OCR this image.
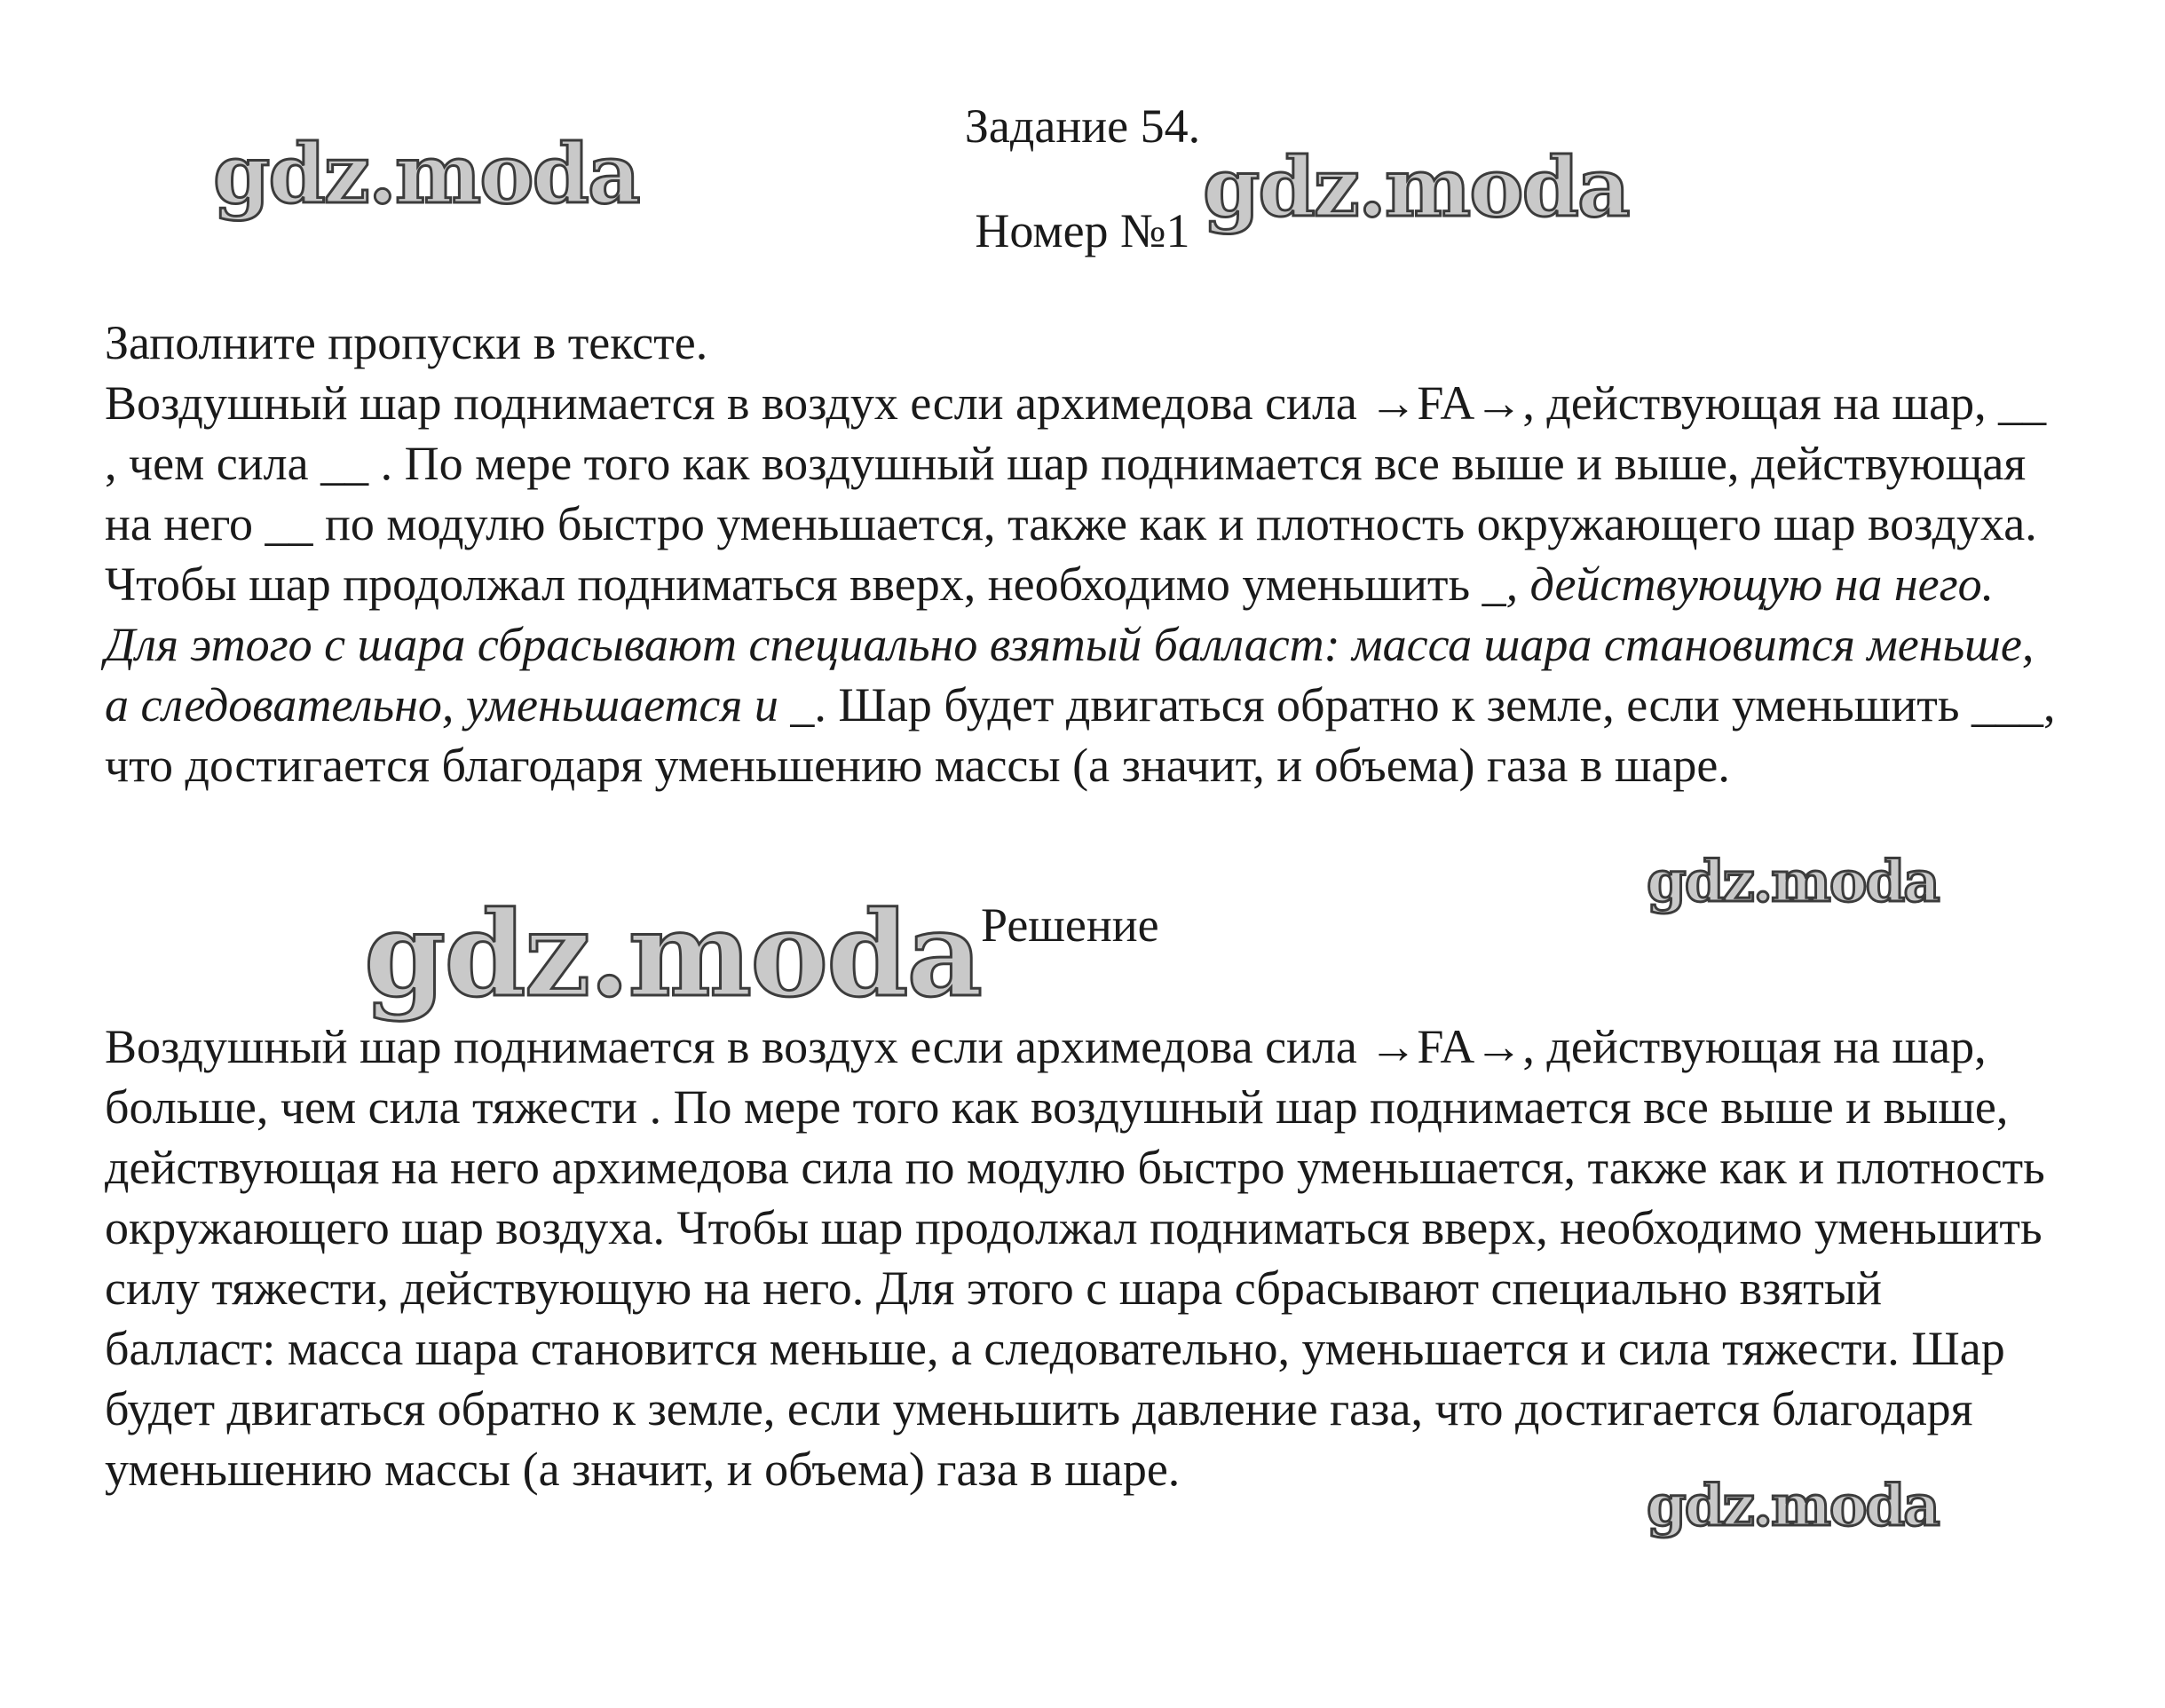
Задание 54.
Номер №1

Заполните пропуски в тексте.
Воздушный шар поднимается в воздух если архимедова сила →FA→, действующая на шар, __ , чем сила __ . По мере того как воздушный шар поднимается все выше и выше, действующая на него __ по модулю быстро уменьшается, также как и плотность окружающего шар воздуха. Чтобы шар продолжал подниматься вверх, необходимо уменьшить _, действующую на него. Для этого с шара сбрасывают специально взятый балласт: масса шара становится меньше, а следовательно, уменьшается и _. Шар будет двигаться обратно к земле, если уменьшить ___, что достигается благодаря уменьшению массы (а значит, и объема) газа в шаре.

Решение

Воздушный шар поднимается в воздух если архимедова сила →FA→, действующая на шар, больше, чем сила тяжести . По мере того как воздушный шар поднимается все выше и выше, действующая на него архимедова сила по модулю быстро уменьшается, также как и плотность окружающего шар воздуха. Чтобы шар продолжал подниматься вверх, необходимо уменьшить силу тяжести, действующую на него. Для этого с шара сбрасывают специально взятый балласт: масса шара становится меньше, а следовательно, уменьшается и сила тяжести. Шар будет двигаться обратно к земле, если уменьшить давление газа, что достигается благодаря уменьшению массы (а значит, и объема) газа в шаре.

gdz.moda	gdz.moda
gdz.moda
gdz.moda
gdz.moda
